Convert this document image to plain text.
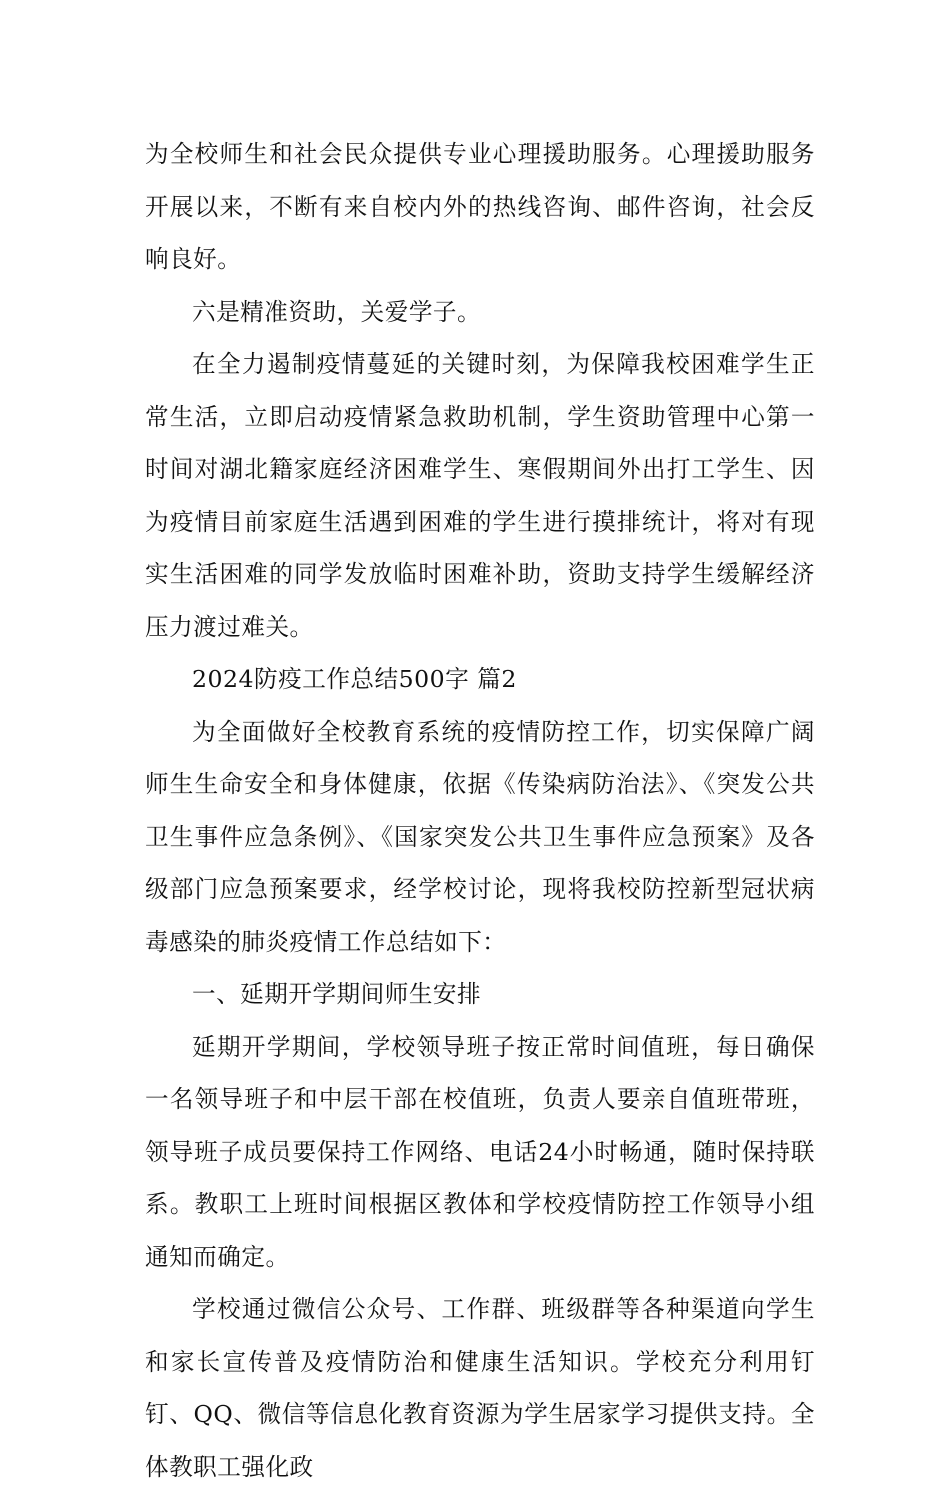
为全校师生和社会民众提供专业心理援助服务。心理援助服务开展以来，不断有来自校内外的热线咨询、邮件咨询，社会反响良好。

六是精准资助，关爱学子。

在全力遏制疫情蔓延的关键时刻，为保障我校困难学生正常生活，立即启动疫情紧急救助机制，学生资助管理中心第一时间对湖北籍家庭经济困难学生、寒假期间外出打工学生、因为疫情目前家庭生活遇到困难的学生进行摸排统计，将对有现实生活困难的同学发放临时困难补助，资助支持学生缓解经济压力渡过难关。

2024防疫工作总结500字 篇2

为全面做好全校教育系统的疫情防控工作，切实保障广阔师生生命安全和身体健康，依据《传染病防治法》、《突发公共卫生事件应急条例》、《国家突发公共卫生事件应急预案》及各级部门应急预案要求，经学校讨论，现将我校防控新型冠状病毒感染的肺炎疫情工作总结如下：

一、延期开学期间师生安排

延期开学期间，学校领导班子按正常时间值班，每日确保一名领导班子和中层干部在校值班，负责人要亲自值班带班，领导班子成员要保持工作网络、电话24小时畅通，随时保持联系。教职工上班时间根据区教体和学校疫情防控工作领导小组通知而确定。

学校通过微信公众号、工作群、班级群等各种渠道向学生和家长宣传普及疫情防治和健康生活知识。学校充分利用钉钉、QQ、微信等信息化教育资源为学生居家学习提供支持。全体教职工强化政
